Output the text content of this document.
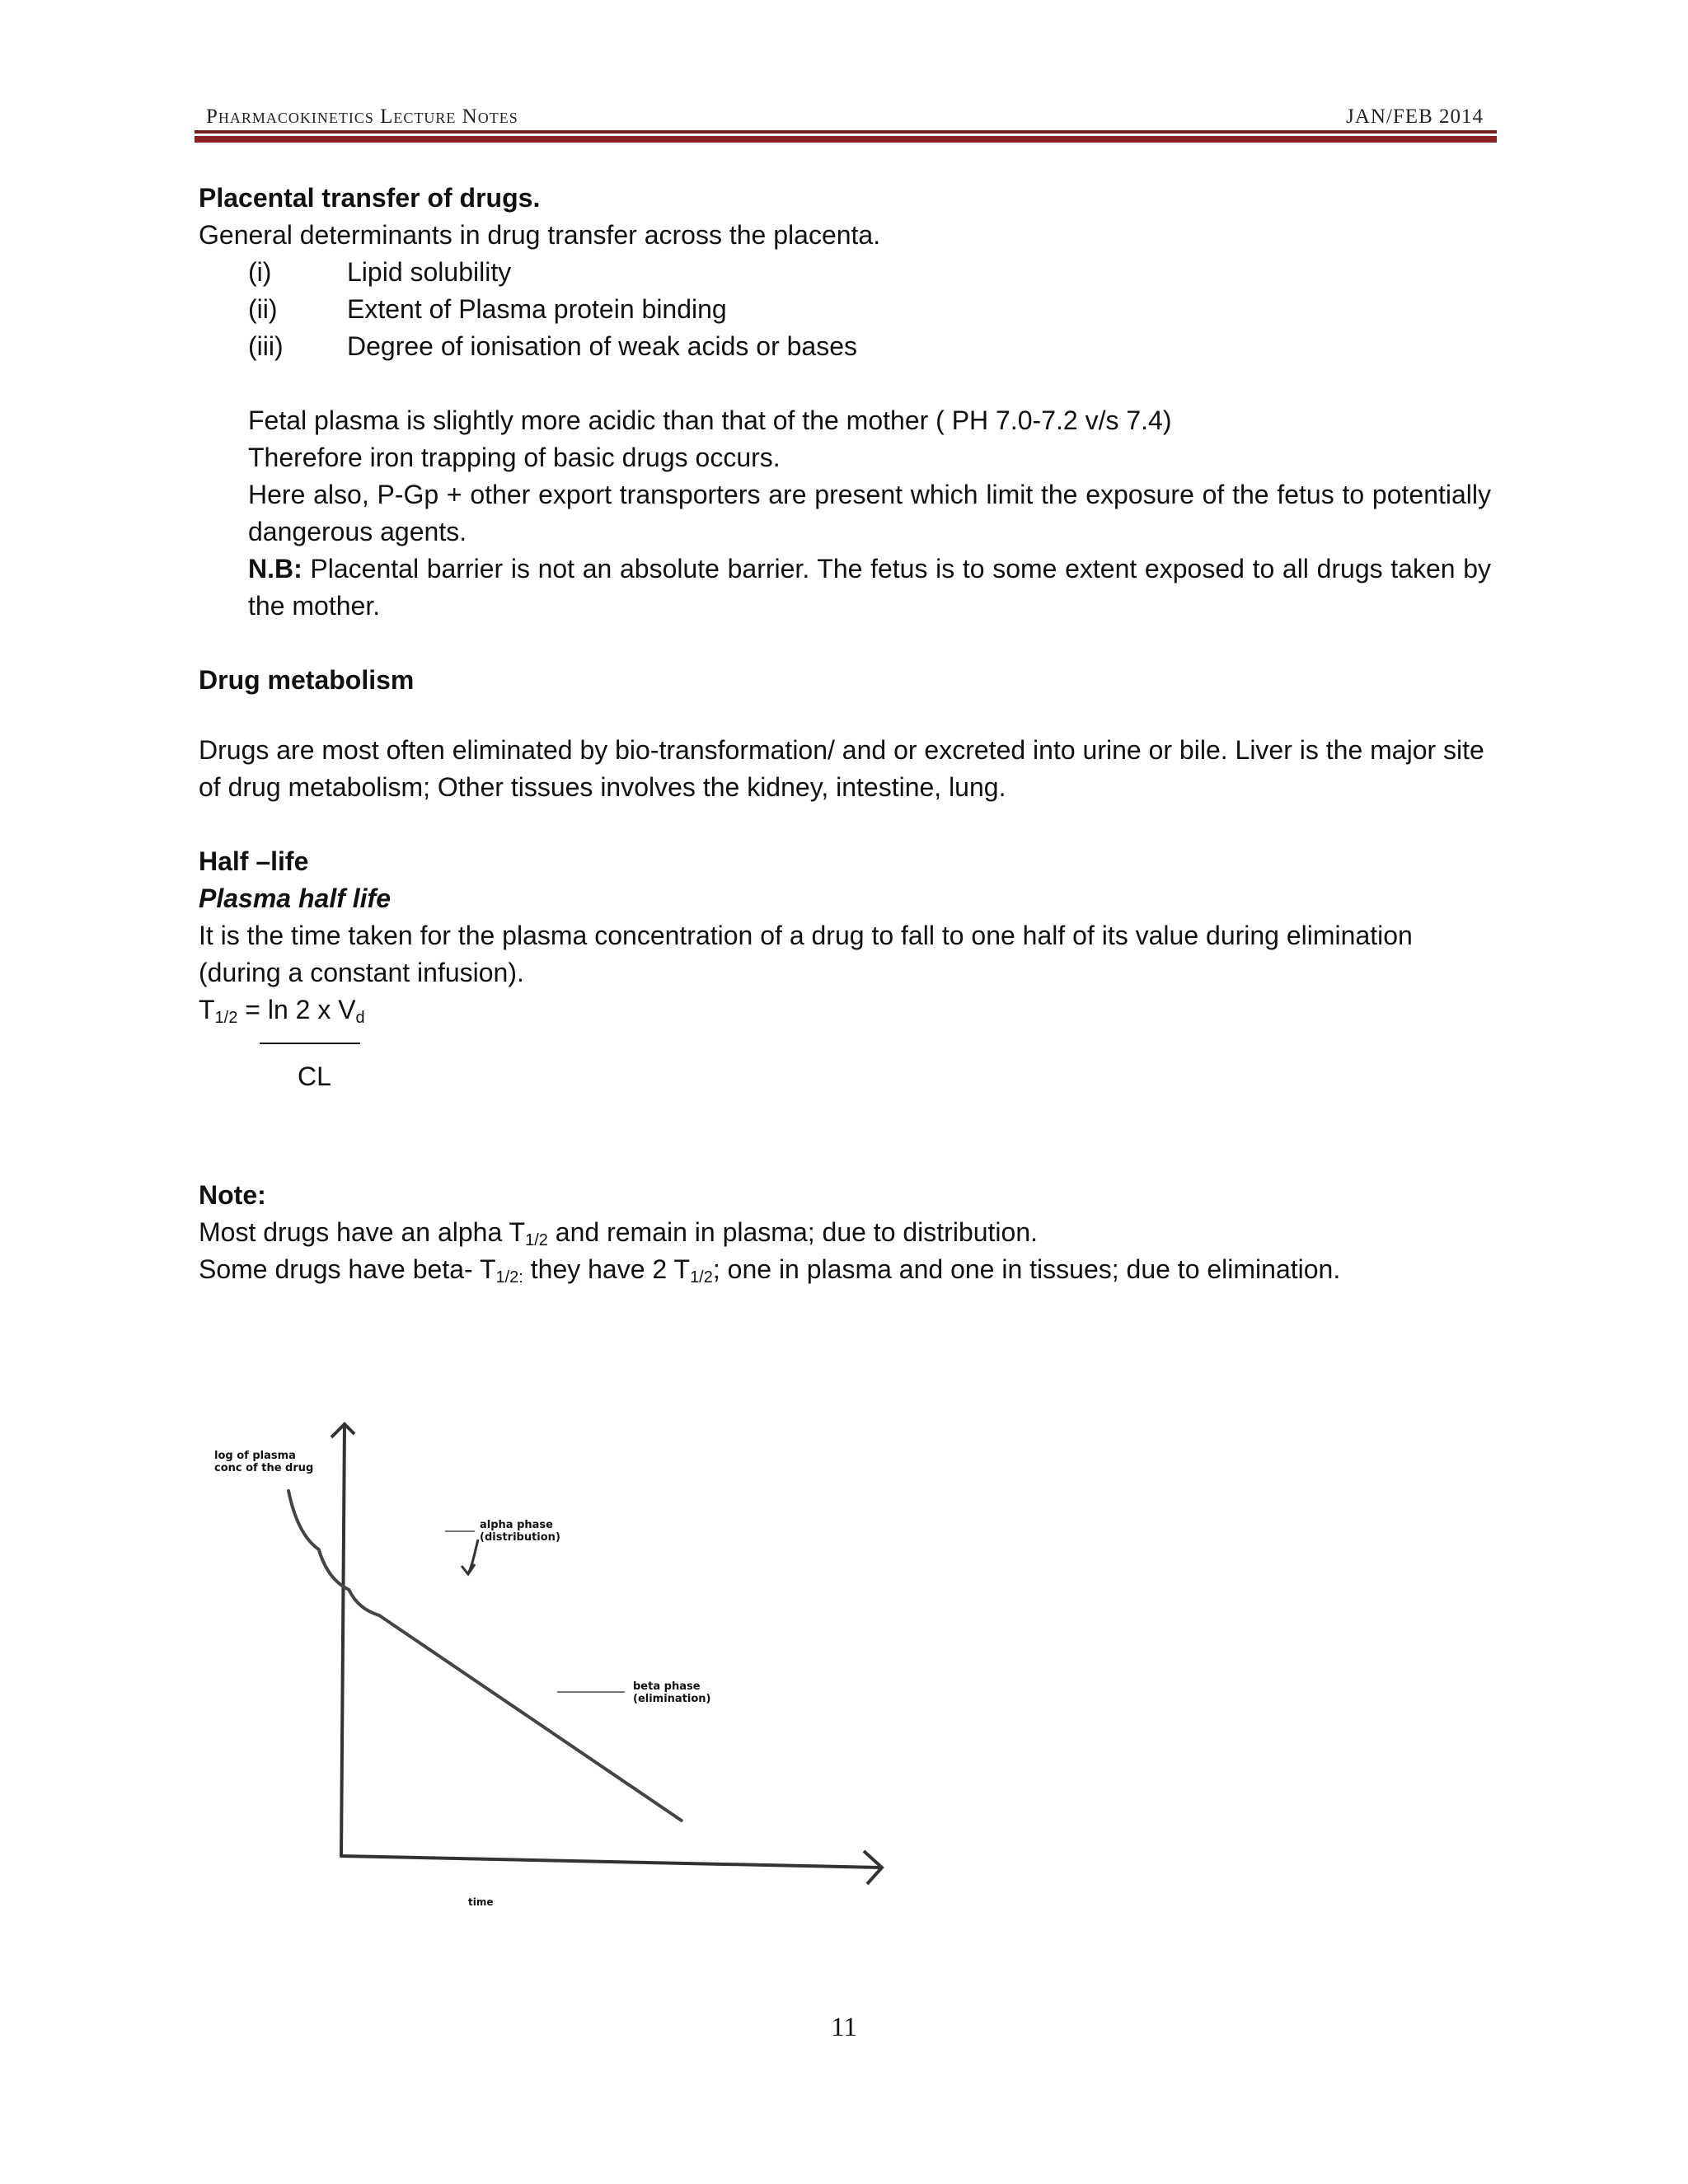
Pharmacokinetics Lecture Notes	JAN/FEB 2014

Placental transfer of drugs.

General determinants in drug transfer across the placenta.

(i)	Lipid solubility
(ii)	Extent of Plasma protein binding
(iii) Degree of ionisation of weak acids or bases

Fetal plasma is slightly more acidic than that of the mother ( PH 7.0-7.2 v/s 7.4)

Therefore iron trapping of basic drugs occurs.

Here also, P-Gp + other export transporters are present which limit the exposure of the fetus to potentially dangerous agents.

N.B: Placental barrier is not an absolute barrier. The fetus is to some extent exposed to all drugs taken by the mother.

Drug metabolism

Drugs are most often eliminated by bio-transformation/ and or excreted into urine or bile. Liver is the major site of drug metabolism; Other tissues involves the kidney, intestine, lung.

Half –life

Plasma half life

It is the time taken for the plasma concentration of a drug to fall to one half of its value during elimination (during a constant infusion).

$T_{1/2} = \ln 2$ x $V_d$

Note:

Most drugs have an alpha $T_{1/2}$ and remain in plasma; due to distribution.

Some drugs have beta- $T_{1/2:}$ they have 2 $T_{1/2}$; one in plasma and one in tissues; due to elimination.

CL
log of plasma
conc of the drug
time
alpha phase
(distribution)
beta phase
(elimination)
11
